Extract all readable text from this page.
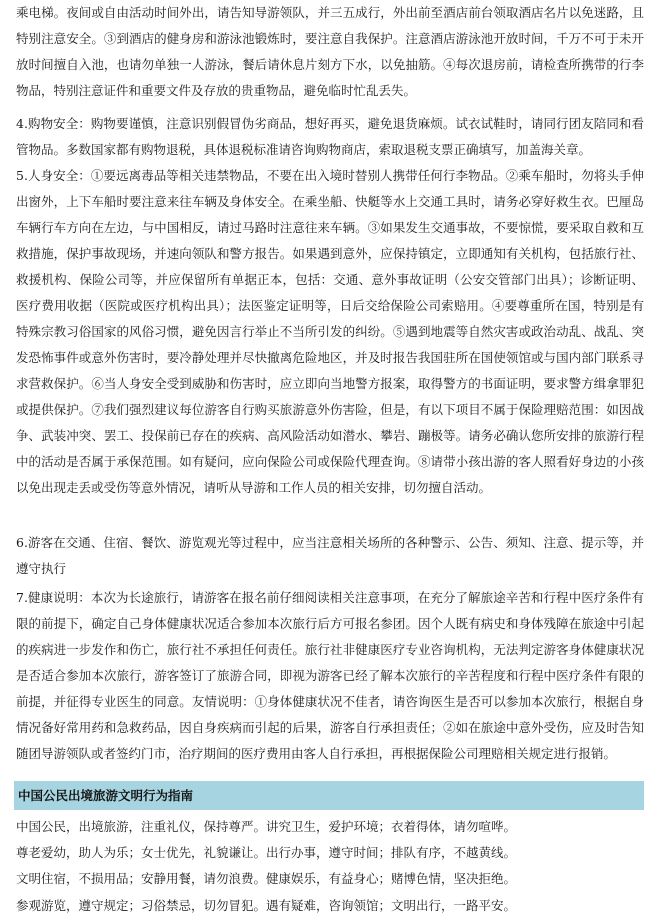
乘电梯。夜间或自由活动时间外出，请告知导游领队，并三五成行，外出前至酒店前台领取酒店名片以免迷路，且特别注意安全。③到酒店的健身房和游泳池锻炼时，要注意自我保护。注意酒店游泳池开放时间，千万不可于未开放时间擅自入池，也请勿单独一人游泳，餐后请休息片刻方下水，以免抽筋。④每次退房前，请检查所携带的行李物品，特别注意证件和重要文件及存放的贵重物品，避免临时忙乱丢失。
4.购物安全：购物要谨慎，注意识别假冒伪劣商品，想好再买，避免退货麻烦。试衣试鞋时，请同行团友陪同和看管物品。多数国家都有购物退税，具体退税标准请咨询购物商店，索取退税支票正确填写，加盖海关章。
5.人身安全：①要远离毒品等相关违禁物品，不要在出入境时替别人携带任何行李物品。②乘车船时，勿将头手伸出窗外，上下车船时要注意来往车辆及身体安全。在乘坐船、快艇等水上交通工具时，请务必穿好救生衣。巴厘岛车辆行车方向在左边，与中国相反，请过马路时注意往来车辆。③如果发生交通事故，不要惊慌，要采取自救和互救措施，保护事故现场，并速向领队和警方报告。如果遇到意外，应保持镇定，立即通知有关机构，包括旅行社、救援机构、保险公司等，并应保留所有单据正本，包括：交通、意外事故证明（公安交管部门出具）；诊断证明、医疗费用收据（医院或医疗机构出具）；法医鉴定证明等，日后交给保险公司索赔用。④要尊重所在国，特别是有特殊宗教习俗国家的风俗习惯，避免因言行举止不当所引发的纠纷。⑤遇到地震等自然灾害或政治动乱、战乱、突发恐怖事件或意外伤害时，要冷静处理并尽快撤离危险地区，并及时报告我国驻所在国使领馆或与国内部门联系寻求营救保护。⑥当人身安全受到威胁和伤害时，应立即向当地警方报案，取得警方的书面证明，要求警方缉拿罪犯或提供保护。⑦我们强烈建议每位游客自行购买旅游意外伤害险，但是，有以下项目不属于保险理赔范围：如因战争、武装冲突、罢工、投保前已存在的疾病、高风险活动如潜水、攀岩、蹦极等。请务必确认您所安排的旅游行程中的活动是否属于承保范围。如有疑问，应向保险公司或保险代理查询。⑧请带小孩出游的客人照看好身边的小孩以免出现走丢或受伤等意外情况，请听从导游和工作人员的相关安排，切勿擅自活动。
6.游客在交通、住宿、餐饮、游览观光等过程中，应当注意相关场所的各种警示、公告、须知、注意、提示等，并遵守执行
7.健康说明：本次为长途旅行，请游客在报名前仔细阅读相关注意事项，在充分了解旅途辛苦和行程中医疗条件有限的前提下，确定自己身体健康状况适合参加本次旅行后方可报名参团。因个人既有病史和身体残障在旅途中引起的疾病进一步发作和伤亡，旅行社不承担任何责任。旅行社非健康医疗专业咨询机构，无法判定游客身体健康状况是否适合参加本次旅行，游客签订了旅游合同，即视为游客已经了解本次旅行的辛苦程度和行程中医疗条件有限的前提，并征得专业医生的同意。友情说明：①身体健康状况不佳者，请咨询医生是否可以参加本次旅行，根据自身情况备好常用药和急救药品，因自身疾病而引起的后果，游客自行承担责任；②如在旅途中意外受伤，应及时告知随团导游领队或者签约门市，治疗期间的医疗费用由客人自行承担，再根据保险公司理赔相关规定进行报销。
中国公民出境旅游文明行为指南
中国公民，出境旅游，注重礼仪，保持尊严。讲究卫生，爱护环境；衣着得体，请勿喧哗。
尊老爱幼，助人为乐；女士优先，礼貌谦让。出行办事，遵守时间；排队有序，不越黄线。
文明住宿，不损用品；安静用餐，请勿浪费。健康娱乐，有益身心；赌博色情，坚决拒绝。
参观游览，遵守规定；习俗禁忌，切勿冒犯。遇有疑难，咨询领馆；文明出行，一路平安。
